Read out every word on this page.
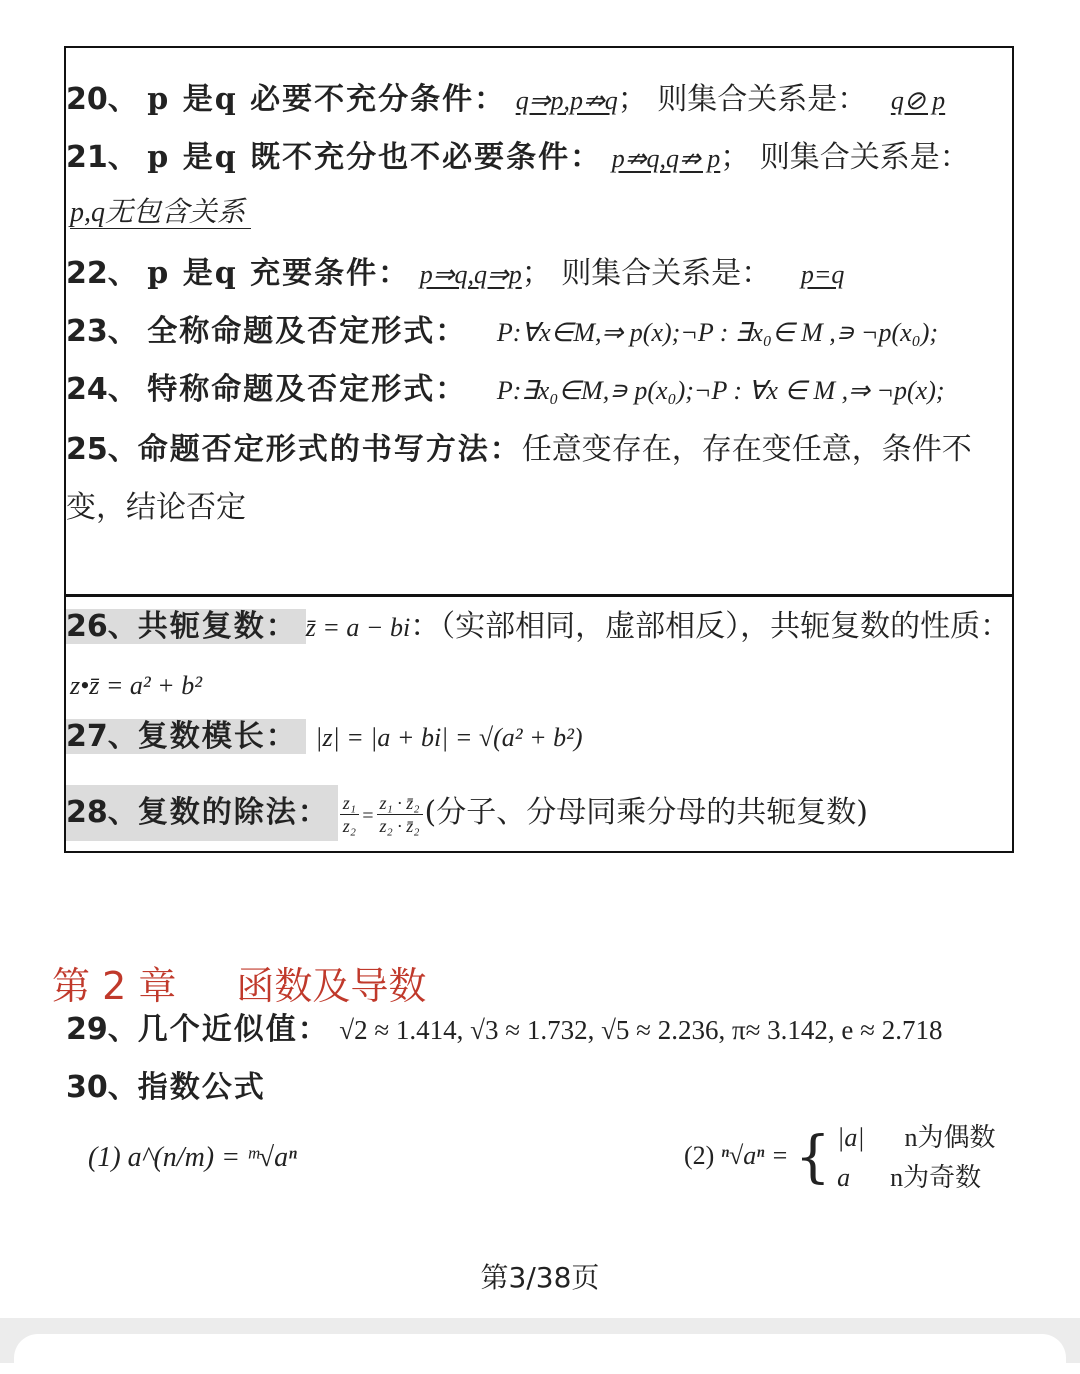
20、 p 是q 必要不充分条件： q⇒p,p⇏q； 则集合关系是： q⊘ p
21、 p 是q 既不充分也不必要条件： p⇏q,q⇏ p； 则集合关系是：
p,q无包含关系
22、 p 是q 充要条件： p⇒q,q⇒p； 则集合关系是： p=q
23、 全称命题及否定形式： P:∀x∈M,⇒ p(x);¬P : ∃x₀∈ M ,∍ ¬p(x₀);
24、 特称命题及否定形式： P:∃x₀∈M,∍ p(x₀);¬P : ∀x ∈ M ,⇒ ¬p(x);
25、命题否定形式的书写方法：任意变存在，存在变任意，条件不
变，结论否定
26、共轭复数： z̄ = a − bi：（实部相同，虚部相反），共轭复数的性质：
z•z̄ = a² + b²
27、复数模长： |z| = |a + bi| = √(a² + b²)
28、复数的除法： $\frac{\text{z₁}}{\text{z₂}} = \frac{\text{z₁ · z̄₂}}{\text{z₂ · z̄₂}}$ (分子、分母同乘分母的共轭复数)
第 2 章 函数及导数
29、几个近似值： √2 ≈ 1.414, √3 ≈ 1.732, √5 ≈ 2.236, π≈ 3.142, e ≈ 2.718
30、指数公式
(1) a^(n/m) = ᵐ√aⁿ	(2) ⁿ√aⁿ = { |a| n为偶数
a n为奇数
第3/38页
